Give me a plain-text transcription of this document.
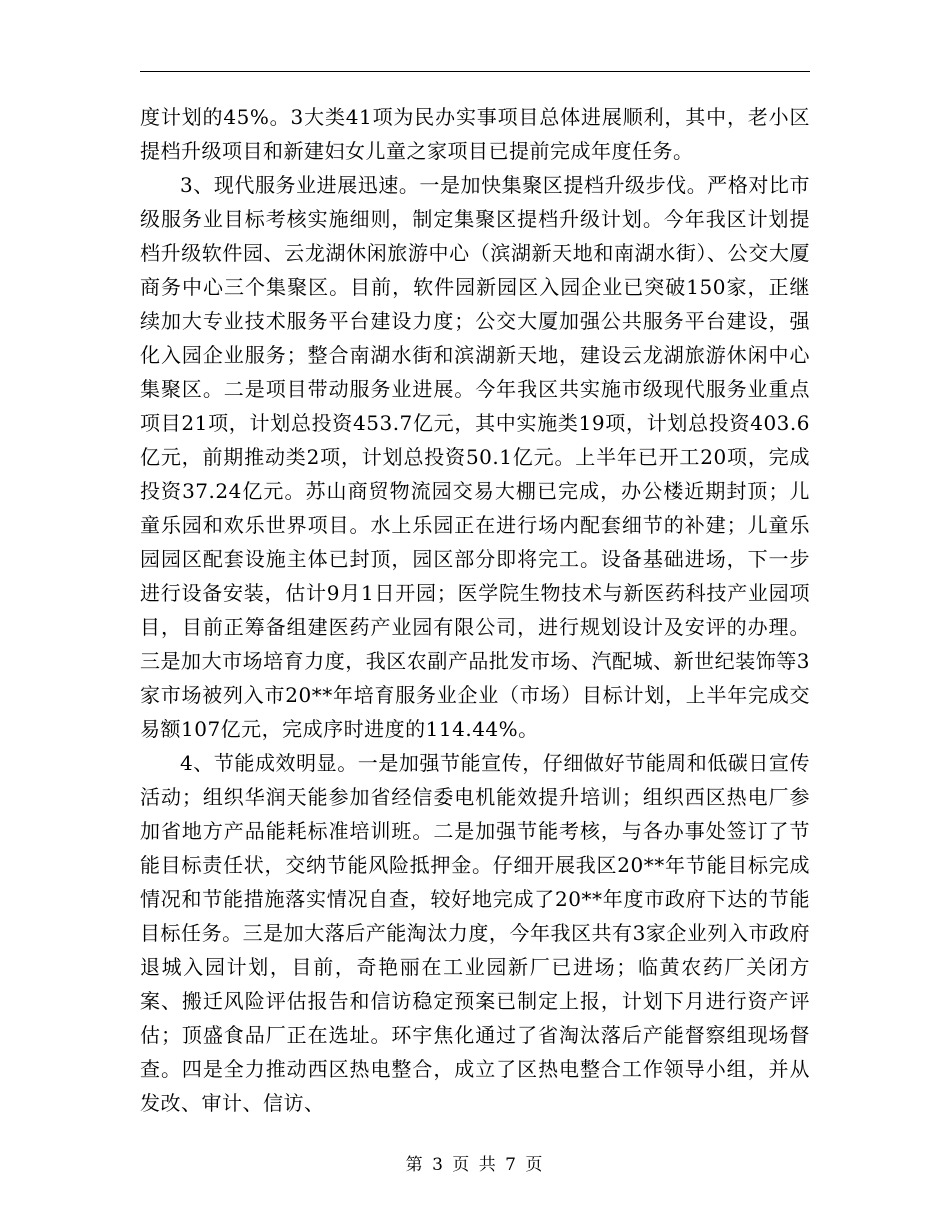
度计划的45%。3大类41项为民办实事项目总体进展顺利，其中，老小区提档升级项目和新建妇女儿童之家项目已提前完成年度任务。

3、现代服务业进展迅速。一是加快集聚区提档升级步伐。严格对比市级服务业目标考核实施细则，制定集聚区提档升级计划。今年我区计划提档升级软件园、云龙湖休闲旅游中心（滨湖新天地和南湖水街）、公交大厦商务中心三个集聚区。目前，软件园新园区入园企业已突破150家，正继续加大专业技术服务平台建设力度；公交大厦加强公共服务平台建设，强化入园企业服务；整合南湖水街和滨湖新天地，建设云龙湖旅游休闲中心集聚区。二是项目带动服务业进展。今年我区共实施市级现代服务业重点项目21项，计划总投资453.7亿元，其中实施类19项，计划总投资403.6亿元，前期推动类2项，计划总投资50.1亿元。上半年已开工20项，完成投资37.24亿元。苏山商贸物流园交易大棚已完成，办公楼近期封顶；儿童乐园和欢乐世界项目。水上乐园正在进行场内配套细节的补建；儿童乐园园区配套设施主体已封顶，园区部分即将完工。设备基础进场，下一步进行设备安装，估计9月1日开园；医学院生物技术与新医药科技产业园项目，目前正筹备组建医药产业园有限公司，进行规划设计及安评的办理。三是加大市场培育力度，我区农副产品批发市场、汽配城、新世纪装饰等3家市场被列入市20**年培育服务业企业（市场）目标计划，上半年完成交易额107亿元，完成序时进度的114.44%。

4、节能成效明显。一是加强节能宣传，仔细做好节能周和低碳日宣传活动；组织华润天能参加省经信委电机能效提升培训；组织西区热电厂参加省地方产品能耗标准培训班。二是加强节能考核，与各办事处签订了节能目标责任状，交纳节能风险抵押金。仔细开展我区20**年节能目标完成情况和节能措施落实情况自查，较好地完成了20**年度市政府下达的节能目标任务。三是加大落后产能淘汰力度，今年我区共有3家企业列入市政府退城入园计划，目前，奇艳丽在工业园新厂已进场；临黄农药厂关闭方案、搬迁风险评估报告和信访稳定预案已制定上报，计划下月进行资产评估；顶盛食品厂正在选址。环宇焦化通过了省淘汰落后产能督察组现场督查。四是全力推动西区热电整合，成立了区热电整合工作领导小组，并从发改、审计、信访、

第 3 页 共 7 页
